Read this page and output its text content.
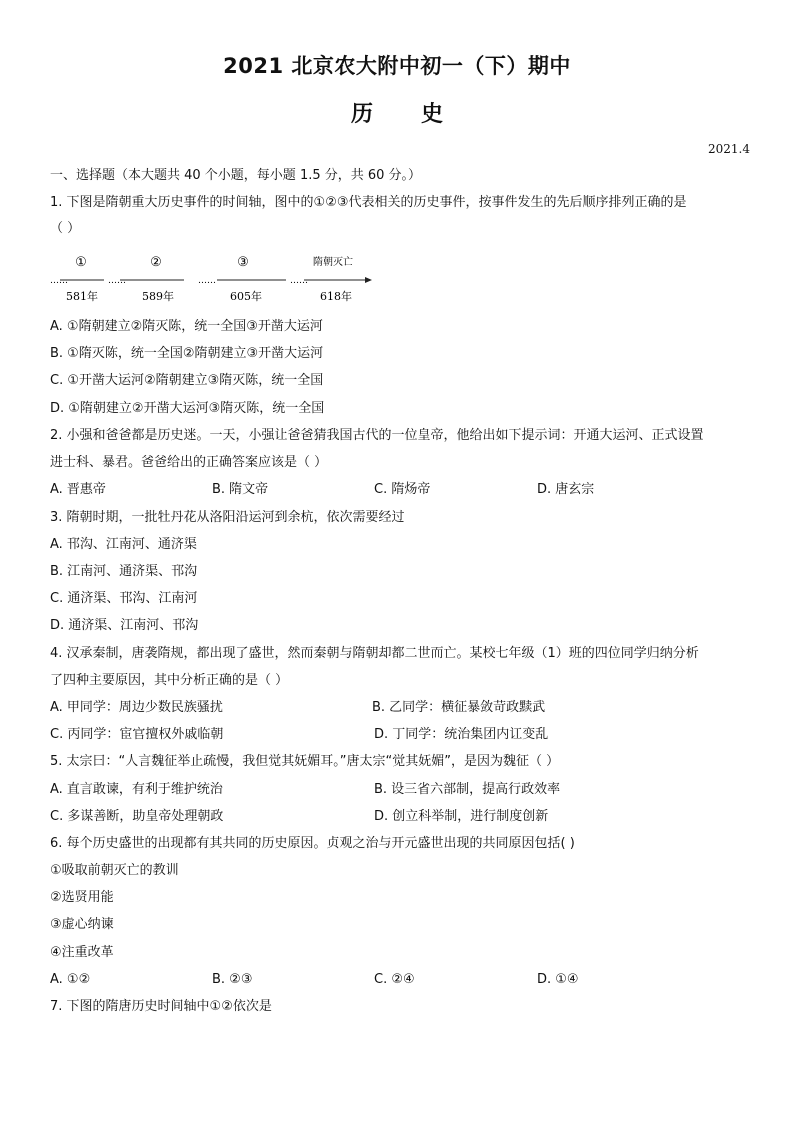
2021 北京农大附中初一（下）期中
历 史
2021.4
一、选择题（本大题共 40 个小题，每小题 1.5 分，共 60 分。）
1. 下图是隋朝重大历史事件的时间轴，图中的①②③代表相关的历史事件，按事件发生的先后顺序排列正确的是
（ ）
①	②	③	隋朝灭亡
……	……	……	……
581年	589年	605年	618年
A. ①隋朝建立②隋灭陈，统一全国③开凿大运河
B. ①隋灭陈，统一全国②隋朝建立③开凿大运河
C. ①开凿大运河②隋朝建立③隋灭陈，统一全国
D. ①隋朝建立②开凿大运河③隋灭陈，统一全国
2. 小强和爸爸都是历史迷。一天，小强让爸爸猜我国古代的一位皇帝，他给出如下提示词：开通大运河、正式设置
进士科、暴君。爸爸给出的正确答案应该是（ ）
A. 晋惠帝	B. 隋文帝	C. 隋炀帝	D. 唐玄宗
3. 隋朝时期，一批牡丹花从洛阳沿运河到余杭，依次需要经过
A. 邗沟、江南河、通济渠
B. 江南河、通济渠、邗沟
C. 通济渠、邗沟、江南河
D. 通济渠、江南河、邗沟
4. 汉承秦制，唐袭隋规，都出现了盛世，然而秦朝与隋朝却都二世而亡。某校七年级（1）班的四位同学归纳分析
了四种主要原因，其中分析正确的是（ ）
A. 甲同学：周边少数民族骚扰	B. 乙同学：横征暴敛苛政黩武
C. 丙同学：宦官擅权外戚临朝	D. 丁同学：统治集团内讧变乱
5. 太宗曰：“人言魏征举止疏慢，我但觉其妩媚耳。”唐太宗“觉其妩媚”，是因为魏征（ ）
A. 直言敢谏，有利于维护统治	B. 设三省六部制，提高行政效率
C. 多谋善断，助皇帝处理朝政	D. 创立科举制，进行制度创新
6. 每个历史盛世的出现都有其共同的历史原因。贞观之治与开元盛世出现的共同原因包括( )
①吸取前朝灭亡的教训
②选贤用能
③虚心纳谏
④注重改革
A. ①②	B. ②③	C. ②④	D. ①④
7. 下图的隋唐历史时间轴中①②依次是
